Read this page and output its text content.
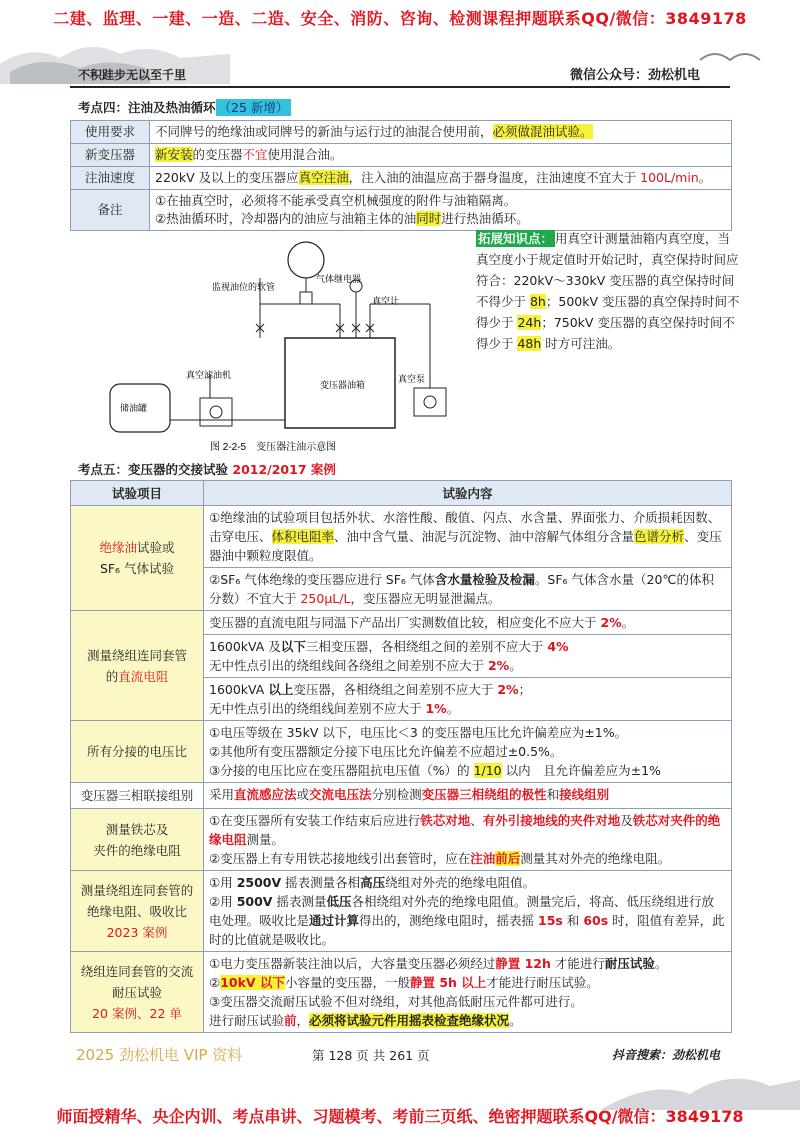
二建、监理、一建、一造、二造、安全、消防、咨询、检测课程押题联系QQ/微信：3849178
不积跬步无以至千里	微信公众号：劲松机电
考点四：注油及热油循环 （25 新增）
使用要求	不同牌号的绝缘油或同牌号的新油与运行过的油混合使用前，必须做混油试验。
新变压器	新安装的变压器不宜使用混合油。
注油速度	220kV 及以上的变压器应真空注油，注入油的油温应高于器身温度，注油速度不宜大于 100L/min。
备注	①在抽真空时，必须将不能承受真空机械强度的附件与油箱隔离。
②热油循环时，冷却器内的油应与油箱主体的油同时进行热油循环。
监视油位的软管
气体继电器
真空计
真空滤油机
变压器油箱
真空泵
储油罐
图 2-2-5　变压器注油示意图
拓展知识点： 用真空计测量油箱内真空度，当真空度小于规定值时开始记时，真空保持时间应符合：220kV～330kV 变压器的真空保持时间不得少于 8h；500kV 变压器的真空保持时间不得少于 24h；750kV 变压器的真空保持时间不得少于 48h 时方可注油。
考点五：变压器的交接试验 2012/2017 案例
试验项目	试验内容
绝缘油试验或
SF₆ 气体试验	①绝缘油的试验项目包括外状、水溶性酸、酸值、闪点、水含量、界面张力、介质损耗因数、击穿电压、体积电阻率、油中含气量、油泥与沉淀物、油中溶解气体组分含量色谱分析、变压器油中颗粒度限值。
	②SF₆ 气体绝缘的变压器应进行 SF₆ 气体含水量检验及检漏。SF₆ 气体含水量（20℃的体积分数）不宜大于 250μL/L，变压器应无明显泄漏点。
测量绕组连同套管
的直流电阻	变压器的直流电阻与同温下产品出厂实测数值比较，相应变化不应大于 2%。
	1600kVA 及以下三相变压器，各相绕组之间的差别不应大于 4%
无中性点引出的绕组线间各绕组之间差别不应大于 2%。
	1600kVA 以上变压器，各相绕组之间差别不应大于 2%；
无中性点引出的绕组线间差别不应大于 1%。
所有分接的电压比	①电压等级在 35kV 以下，电压比＜3 的变压器电压比允许偏差应为±1%。
②其他所有变压器额定分接下电压比允许偏差不应超过±0.5%。
③分接的电压比应在变压器阻抗电压值（%）的 1/10 以内　且允许偏差应为±1%
变压器三相联接组别	采用直流感应法或交流电压法分别检测变压器三相绕组的极性和接线组别
测量铁芯及
夹件的绝缘电阻	①在变压器所有安装工作结束后应进行铁芯对地、有外引接地线的夹件对地及铁芯对夹件的绝缘电阻测量。
②变压器上有专用铁芯接地线引出套管时，应在注油前后测量其对外壳的绝缘电阻。
测量绕组连同套管的
绝缘电阻、吸收比
2023 案例	①用 2500V 摇表测量各相高压绕组对外壳的绝缘电阻值。
②用 500V 摇表测量低压各相绕组对外壳的绝缘电阻值。测量完后，将高、低压绕组进行放电处理。吸收比是通过计算得出的，测绝缘电阻时，摇表摇 15s 和 60s 时，阻值有差异，此时的比值就是吸收比。
绕组连同套管的交流
耐压试验
20 案例、22 单	①电力变压器新装注油以后，大容量变压器必须经过静置 12h 才能进行耐压试验。
②10kV 以下小容量的变压器，一般静置 5h 以上才能进行耐压试验。
③变压器交流耐压试验不但对绕组，对其他高低耐压元件都可进行。
进行耐压试验前，必须将试验元件用摇表检查绝缘状况。
2025 劲松机电 VIP 资料	第 128 页 共 261 页	抖音搜索：劲松机电
师面授精华、央企内训、考点串讲、习题模考、考前三页纸、绝密押题联系QQ/微信：3849178
